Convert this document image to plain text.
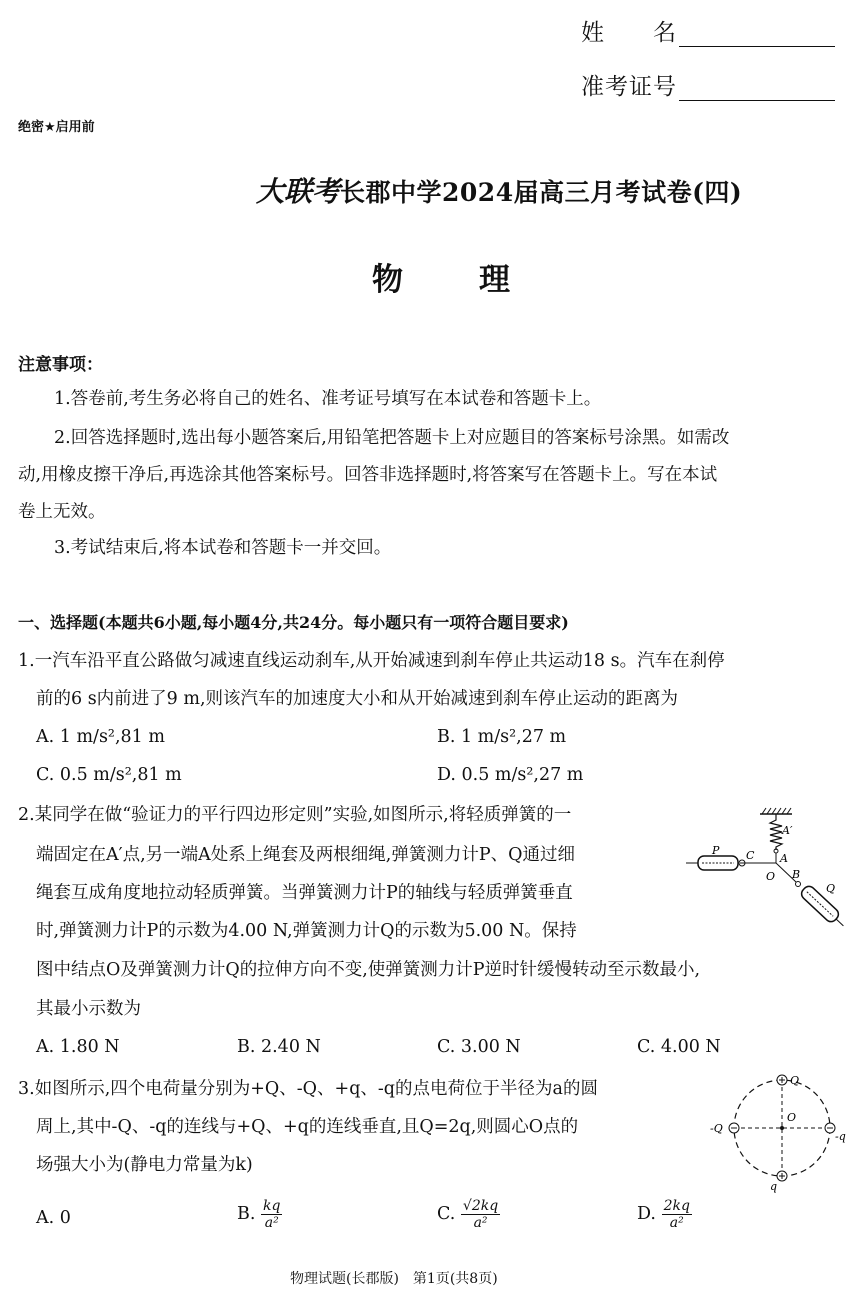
姓　　名
准考证号
绝密★启用前
大联考长郡中学2024届高三月考试卷(四)
物 理
注意事项：
1.答卷前,考生务必将自己的姓名、准考证号填写在本试卷和答题卡上。
2.回答选择题时,选出每小题答案后,用铅笔把答题卡上对应题目的答案标号涂黑。如需改
动,用橡皮擦干净后,再选涂其他答案标号。回答非选择题时,将答案写在答题卡上。写在本试
卷上无效。
3.考试结束后,将本试卷和答题卡一并交回。
一、选择题(本题共6小题,每小题4分,共24分。每小题只有一项符合题目要求)
1.一汽车沿平直公路做匀减速直线运动刹车,从开始减速到刹车停止共运动18 s。汽车在刹停
前的6 s内前进了9 m,则该汽车的加速度大小和从开始减速到刹车停止运动的距离为
A. 1 m/s²,81 m	B. 1 m/s²,27 m
C. 0.5 m/s²,81 m	D. 0.5 m/s²,27 m
2.某同学在做“验证力的平行四边形定则”实验,如图所示,将轻质弹簧的一
端固定在A′点,另一端A处系上绳套及两根细绳,弹簧测力计P、Q通过细
绳套互成角度地拉动轻质弹簧。当弹簧测力计P的轴线与轻质弹簧垂直
时,弹簧测力计P的示数为4.00 N,弹簧测力计Q的示数为5.00 N。保持
图中结点O及弹簧测力计Q的拉伸方向不变,使弹簧测力计P逆时针缓慢转动至示数最小,
其最小示数为
A. 1.80 N	B. 2.40 N	C. 3.00 N	C. 4.00 N
A′
A
O
C
P
B
Q
3.如图所示,四个电荷量分别为+Q、-Q、+q、-q的点电荷位于半径为a的圆
周上,其中-Q、-q的连线与+Q、+q的连线垂直,且Q=2q,则圆心O点的
场强大小为(静电力常量为k)
O
Q
-Q
-q
q
A. 0	B. $\frac{kq}{\text{a²}}$	C. $\frac{√2kq}{\text{a²}}$	D. $\frac{2kq}{\text{a²}}$
物理试题(长郡版)　第1页(共8页)
